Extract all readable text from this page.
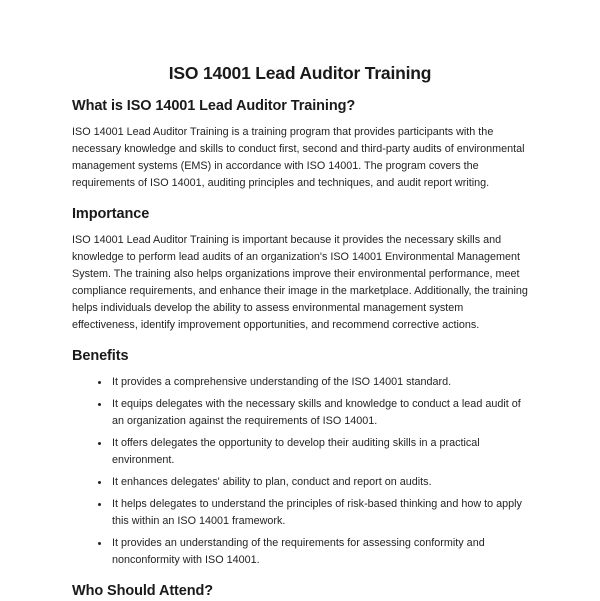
ISO 14001 Lead Auditor Training
What is ISO 14001 Lead Auditor Training?

ISO 14001 Lead Auditor Training is a training program that provides participants with the necessary knowledge and skills to conduct first, second and third-party audits of environmental management systems (EMS) in accordance with ISO 14001. The program covers the requirements of ISO 14001, auditing principles and techniques, and audit report writing.

Importance

ISO 14001 Lead Auditor Training is important because it provides the necessary skills and knowledge to perform lead audits of an organization's ISO 14001 Environmental Management System. The training also helps organizations improve their environmental performance, meet compliance requirements, and enhance their image in the marketplace. Additionally, the training helps individuals develop the ability to assess environmental management system effectiveness, identify improvement opportunities, and recommend corrective actions.

Benefits
• It provides a comprehensive understanding of the ISO 14001 standard.
• It equips delegates with the necessary skills and knowledge to conduct a lead audit of an organization against the requirements of ISO 14001.
• It offers delegates the opportunity to develop their auditing skills in a practical environment.
• It enhances delegates' ability to plan, conduct and report on audits.
• It helps delegates to understand the principles of risk-based thinking and how to apply this within an ISO 14001 framework.
• It provides an understanding of the requirements for assessing conformity and nonconformity with ISO 14001.
Who Should Attend?
